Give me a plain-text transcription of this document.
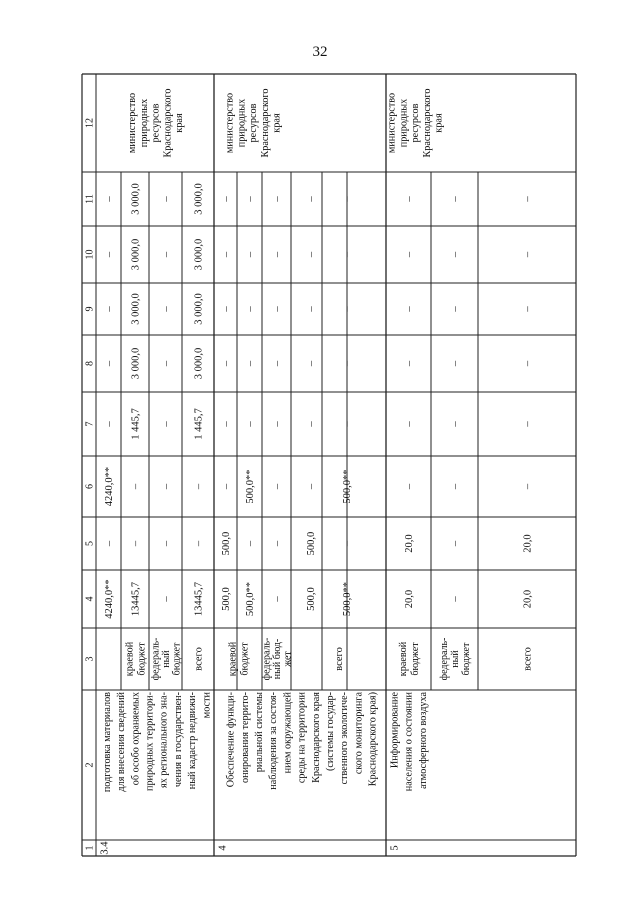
32
1
2
3
4
5
6
7
8
9
10
11
12
3.4
подготовка материалов для внесения сведений об особо охраняемых природных территори- ях регионального зна- чения в государствен- ный кадастр недвижи- мости
4240,0**
4240,0**
–
–
–
–
–
–
краевой бюджет федераль- ный бюджет всего
13445,7
–
–
1 445,7
3 000,0
3 000,0
3 000,0
3 000,0
–
–
–
–
–
–
–
–
13445,7
–
–
1 445,7
3 000,0
3 000,0
3 000,0
3 000,0
министерство природных ресурсов Краснодарского края
4
Обеспечение функци- онирования террито- риальной системы наблюдения за состоя- нием окружающей среды на территории Краснодарского края (системы государ- ственного экологиче- ского мониторинга Краснодарского края)
краевой бюджет федераль- ный бюд- жет	всего
500,0
500,0
–
–
–
–
–
–
500,0**
–
500,0**
–
–
–
–
–
–
–
–
–
–
–
–
–
500,0
500,0
–
–
–
–
–
–
500,0**
–
500,0**
–
–
–
–
–
министерство природных ресурсов Краснодарского края
5
Информирование населения о состоянии атмосферного воздуха
краевой бюджет федераль- ный бюджет	всего
20,0
20,0
–
–
–
–
–
–
–
–
–
–
–
–
–
–
20,0
20,0
–
–
–
–
–
–
министерство природных ресурсов Краснодарского края
